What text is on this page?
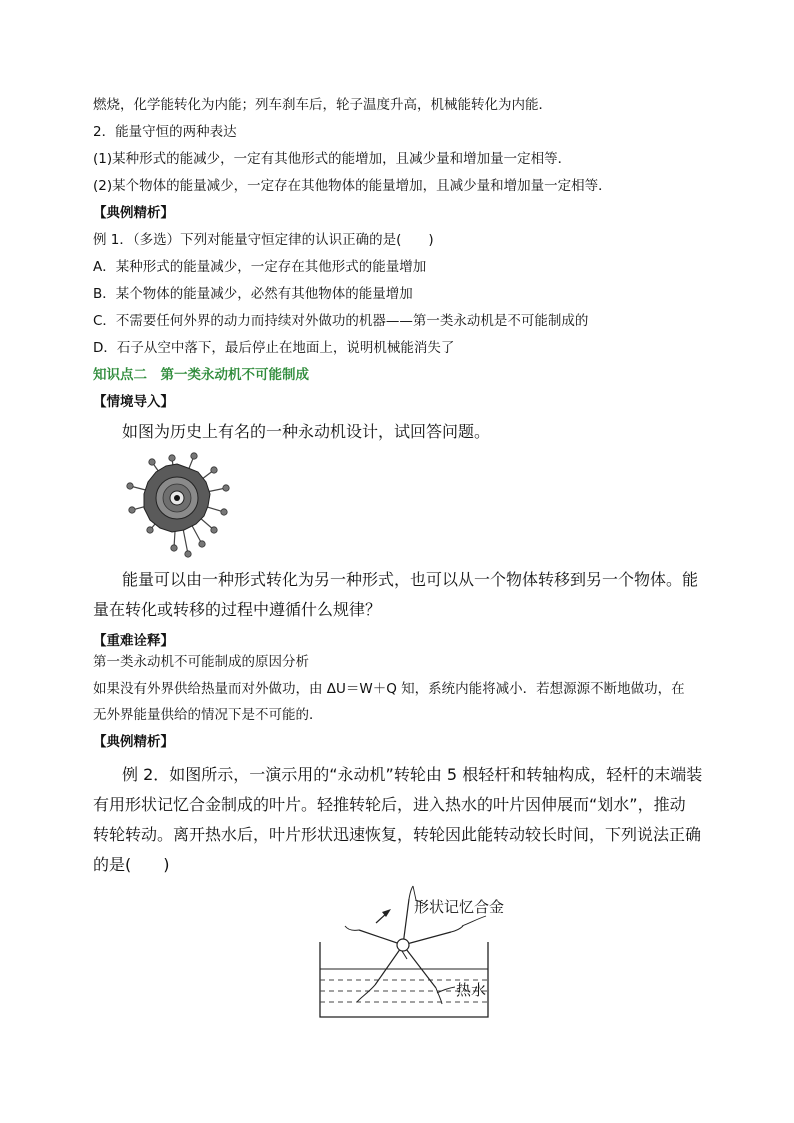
燃烧，化学能转化为内能；列车刹车后，轮子温度升高，机械能转化为内能．
2．能量守恒的两种表达
(1)某种形式的能减少，一定有其他形式的能增加，且减少量和增加量一定相等．
(2)某个物体的能量减少，一定存在其他物体的能量增加，且减少量和增加量一定相等．
【典例精析】
例 1．（多选）下列对能量守恒定律的认识正确的是(　　)
A．某种形式的能量减少，一定存在其他形式的能量增加
B．某个物体的能量减少，必然有其他物体的能量增加
C．不需要任何外界的动力而持续对外做功的机器——第一类永动机是不可能制成的
D．石子从空中落下，最后停止在地面上，说明机械能消失了
知识点二　第一类永动机不可能制成
【情境导入】
如图为历史上有名的一种永动机设计，试回答问题。
能量可以由一种形式转化为另一种形式，也可以从一个物体转移到另一个物体。能
量在转化或转移的过程中遵循什么规律？
【重难诠释】
第一类永动机不可能制成的原因分析
如果没有外界供给热量而对外做功，由 ΔU＝W＋Q 知，系统内能将减小．若想源源不断地做功，在
无外界能量供给的情况下是不可能的．
【典例精析】
例 2．如图所示，一演示用的“永动机”转轮由 5 根轻杆和转轴构成，轻杆的末端装
有用形状记忆合金制成的叶片。轻推转轮后，进入热水的叶片因伸展而“划水”，推动
转轮转动。离开热水后，叶片形状迅速恢复，转轮因此能转动较长时间，下列说法正确
的是(　　)
形状记忆合金
热水
